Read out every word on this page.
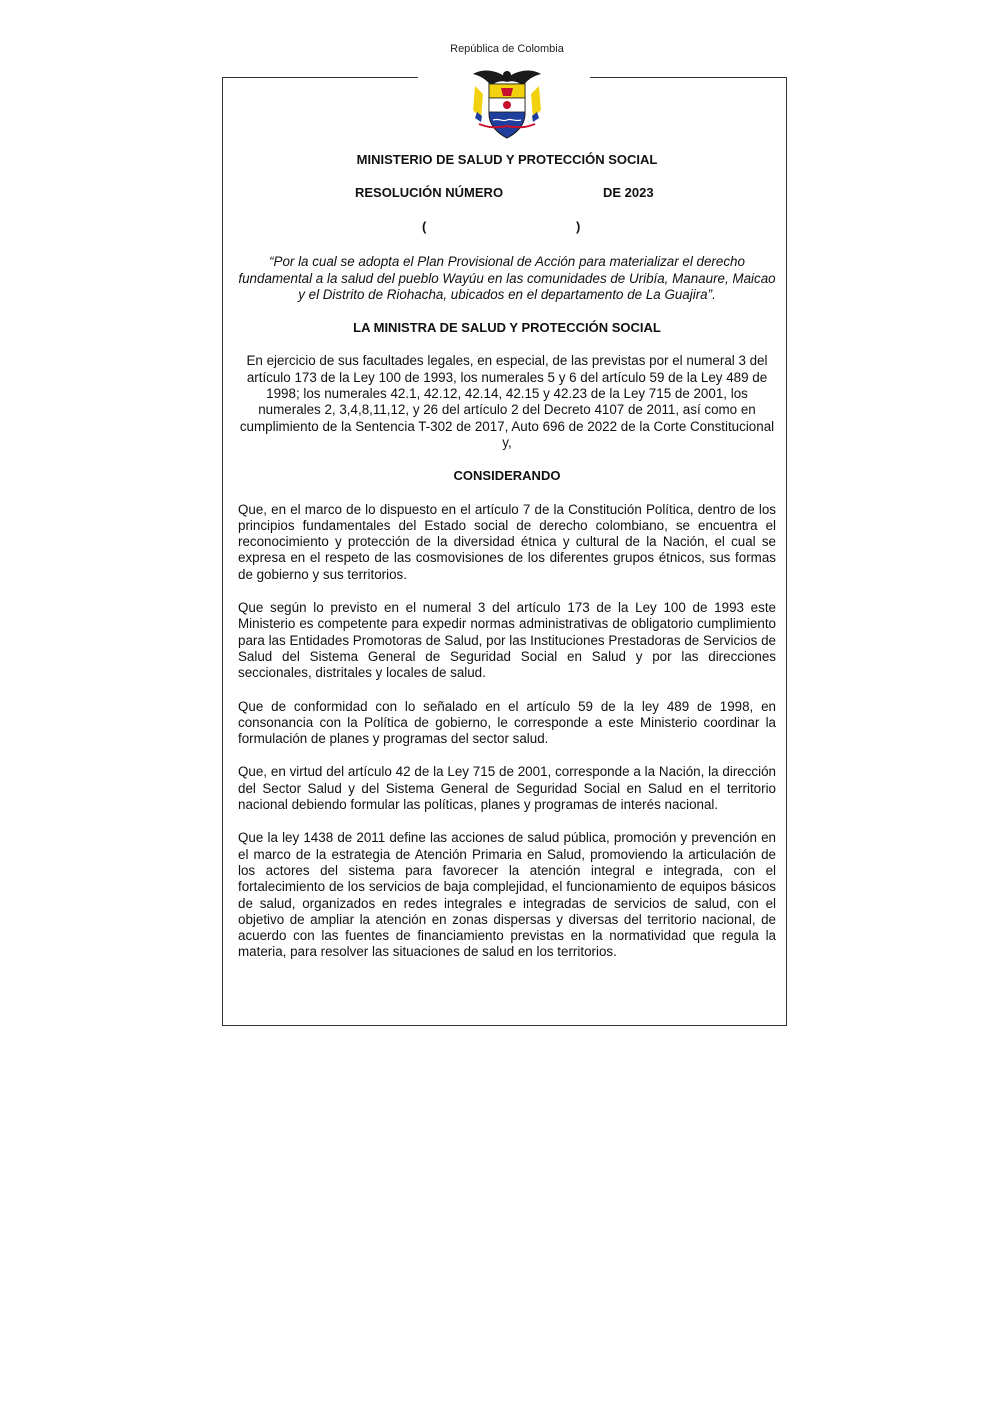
República de Colombia

MINISTERIO DE SALUD Y PROTECCIÓN SOCIAL

RESOLUCIÓN NÚMERO	DE 2023
(	)

“Por la cual se adopta el Plan Provisional de Acción para materializar el derecho fundamental a la salud del pueblo Wayúu en las comunidades de Uribía, Manaure, Maicao y el Distrito de Riohacha, ubicados en el departamento de La Guajira”.

LA MINISTRA DE SALUD Y PROTECCIÓN SOCIAL

En ejercicio de sus facultades legales, en especial, de las previstas por el numeral 3 del artículo 173 de la Ley 100 de 1993, los numerales 5 y 6 del artículo 59 de la Ley 489 de 1998; los numerales 42.1, 42.12, 42.14, 42.15 y 42.23 de la Ley 715 de 2001, los numerales 2, 3,4,8,11,12, y 26 del artículo 2 del Decreto 4107 de 2011, así como en cumplimiento de la Sentencia T-302 de 2017, Auto 696 de 2022 de la Corte Constitucional y,

CONSIDERANDO

Que, en el marco de lo dispuesto en el artículo 7 de la Constitución Política, dentro de los principios fundamentales del Estado social de derecho colombiano, se encuentra el reconocimiento y protección de la diversidad étnica y cultural de la Nación, el cual se expresa en el respeto de las cosmovisiones de los diferentes grupos étnicos, sus formas de gobierno y sus territorios.

Que según lo previsto en el numeral 3 del artículo 173 de la Ley 100 de 1993 este Ministerio es competente para expedir normas administrativas de obligatorio cumplimiento para las Entidades Promotoras de Salud, por las Instituciones Prestadoras de Servicios de Salud del Sistema General de Seguridad Social en Salud y por las direcciones seccionales, distritales y locales de salud.

Que de conformidad con lo señalado en el artículo 59 de la ley 489 de 1998, en consonancia con la Política de gobierno, le corresponde a este Ministerio coordinar la formulación de planes y programas del sector salud.

Que, en virtud del artículo 42 de la Ley 715 de 2001, corresponde a la Nación, la dirección del Sector Salud y del Sistema General de Seguridad Social en Salud en el territorio nacional debiendo formular las políticas, planes y programas de interés nacional.

Que la ley 1438 de 2011 define las acciones de salud pública, promoción y prevención en el marco de la estrategia de Atención Primaria en Salud, promoviendo la articulación de los actores del sistema para favorecer la atención integral e integrada, con el fortalecimiento de los servicios de baja complejidad, el funcionamiento de equipos básicos de salud, organizados en redes integrales e integradas de servicios de salud, con el objetivo de ampliar la atención en zonas dispersas y diversas del territorio nacional, de acuerdo con las fuentes de financiamiento previstas en la normatividad que regula la materia, para resolver las situaciones de salud en los territorios.
